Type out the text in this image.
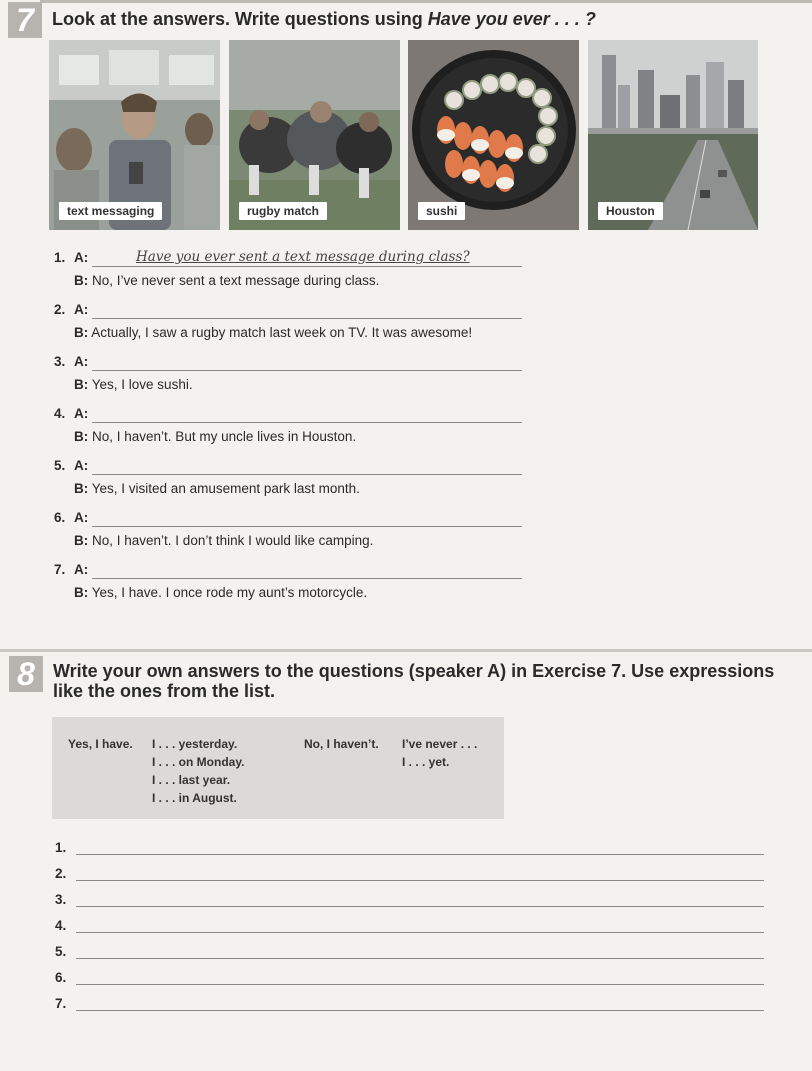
7	Look at the answers. Write questions using Have you ever . . . ?
text messaging	rugby match	sushi	Houston
1. A:	Have you ever sent a text message during class?
B: No, I’ve never sent a text message during class.
2. A:
B: Actually, I saw a rugby match last week on TV. It was awesome!
3. A:
B: Yes, I love sushi.
4. A:
B: No, I haven’t. But my uncle lives in Houston.
5. A:
B: Yes, I visited an amusement park last month.
6. A:
B: No, I haven’t. I don’t think I would like camping.
7. A:
B: Yes, I have. I once rode my aunt’s motorcycle.
8	Write your own answers to the questions (speaker A) in Exercise 7. Use expressions
like the ones from the list.
Yes, I have. I . . . yesterday.
I . . . on Monday.
I . . . last year.
I . . . in August.
No, I haven’t. I’ve never . . .
I . . . yet.
1.
2.
3.
4.
5.
6.
7.
